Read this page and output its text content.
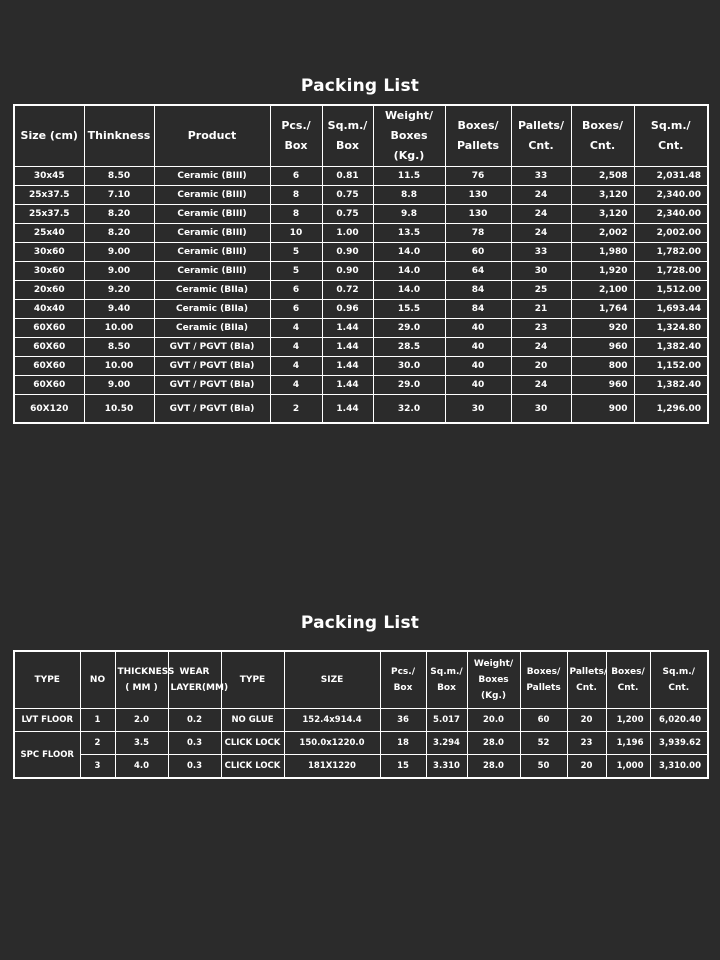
Packing List
Size (cm)	Thinkness	Product	Pcs./ Box	Sq.m./ Box	Weight/ Boxes (Kg.)	Boxes/ Pallets	Pallets/ Cnt.	Boxes/ Cnt.	Sq.m./ Cnt.
30x45	8.50	Ceramic (BIII)	6	0.81	11.5	76	33	2,508	2,031.48
25x37.5	7.10	Ceramic (BIII)	8	0.75	8.8	130	24	3,120	2,340.00
25x37.5	8.20	Ceramic (BIII)	8	0.75	9.8	130	24	3,120	2,340.00
25x40	8.20	Ceramic (BIII)	10	1.00	13.5	78	24	2,002	2,002.00
30x60	9.00	Ceramic (BIII)	5	0.90	14.0	60	33	1,980	1,782.00
30x60	9.00	Ceramic (BIII)	5	0.90	14.0	64	30	1,920	1,728.00
20x60	9.20	Ceramic (BIIa)	6	0.72	14.0	84	25	2,100	1,512.00
40x40	9.40	Ceramic (BIIa)	6	0.96	15.5	84	21	1,764	1,693.44
60X60	10.00	Ceramic (BIIa)	4	1.44	29.0	40	23	920	1,324.80
60X60	8.50	GVT / PGVT (BIa)	4	1.44	28.5	40	24	960	1,382.40
60X60	10.00	GVT / PGVT (BIa)	4	1.44	30.0	40	20	800	1,152.00
60X60	9.00	GVT / PGVT (BIa)	4	1.44	29.0	40	24	960	1,382.40
60X120	10.50	GVT / PGVT (BIa)	2	1.44	32.0	30	30	900	1,296.00
Packing List
TYPE	NO	THICKNESS ( MM )	WEAR LAYER(MM)	TYPE	SIZE	Pcs./ Box	Sq.m./ Box	Weight/ Boxes (Kg.)	Boxes/ Pallets	Pallets/ Cnt.	Boxes/ Cnt.	Sq.m./ Cnt.
LVT FLOOR	1	2.0	0.2	NO GLUE	152.4x914.4	36	5.017	20.0	60	20	1,200	6,020.40
SPC FLOOR	2	3.5	0.3	CLICK LOCK	150.0x1220.0	18	3.294	28.0	52	23	1,196	3,939.62
	3	4.0	0.3	CLICK LOCK	181X1220	15	3.310	28.0	50	20	1,000	3,310.00
